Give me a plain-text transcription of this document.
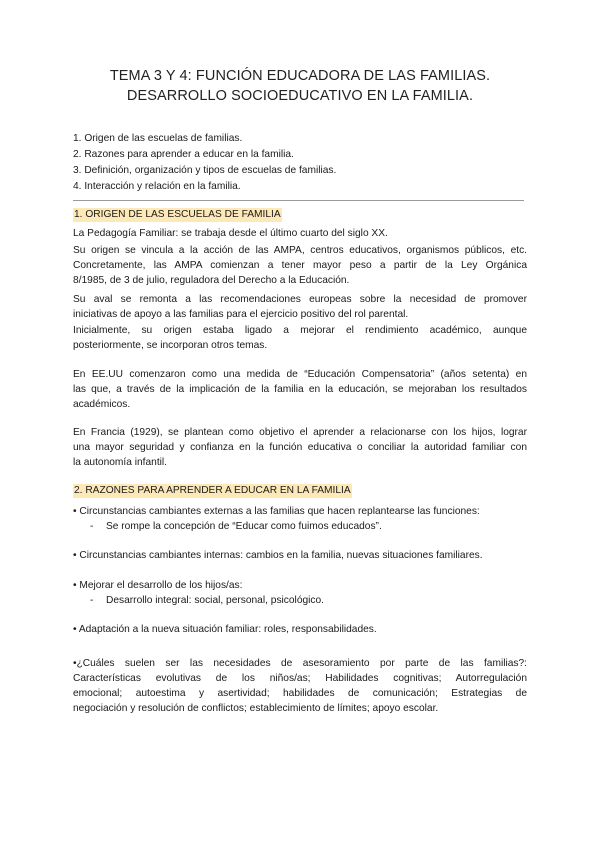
TEMA 3 Y 4: FUNCIÓN EDUCADORA DE LAS FAMILIAS.
DESARROLLO SOCIOEDUCATIVO EN LA FAMILIA.
1. Origen de las escuelas de familias.
2. Razones para aprender a educar en la familia.
3. Definición, organización y tipos de escuelas de familias.
4. Interacción y relación en la familia.
1. ORIGEN DE LAS ESCUELAS DE FAMILIA
La Pedagogía Familiar: se trabaja desde el último cuarto del siglo XX.
Su origen se vincula a la acción de las AMPA, centros educativos, organismos públicos, etc.
Concretamente, las AMPA comienzan a tener mayor peso a partir de la Ley Orgánica
8/1985, de 3 de julio, reguladora del Derecho a la Educación.
Su aval se remonta a las recomendaciones europeas sobre la necesidad de promover
iniciativas de apoyo a las familias para el ejercicio positivo del rol parental.
Inicialmente, su origen estaba ligado a mejorar el rendimiento académico, aunque
posteriormente, se incorporan otros temas.
En EE.UU comenzaron como una medida de “Educación Compensatoria” (años setenta) en
las que, a través de la implicación de la familia en la educación, se mejoraban los resultados
académicos.
En Francia (1929), se plantean como objetivo el aprender a relacionarse con los hijos, lograr
una mayor seguridad y confianza en la función educativa o conciliar la autoridad familiar con
la autonomía infantil.
2. RAZONES PARA APRENDER A EDUCAR EN LA FAMILIA
• Circunstancias cambiantes externas a las familias que hacen replantearse las funciones:
- Se rompe la concepción de “Educar como fuimos educados”.
• Circunstancias cambiantes internas: cambios en la familia, nuevas situaciones familiares.
• Mejorar el desarrollo de los hijos/as:
- Desarrollo integral: social, personal, psicológico.
• Adaptación a la nueva situación familiar: roles, responsabilidades.
•¿Cuáles suelen ser las necesidades de asesoramiento por parte de las familias?:
Características evolutivas de los niños/as; Habilidades cognitivas; Autorregulación
emocional; autoestima y asertividad; habilidades de comunicación; Estrategias de
negociación y resolución de conflictos; establecimiento de límites; apoyo escolar.
